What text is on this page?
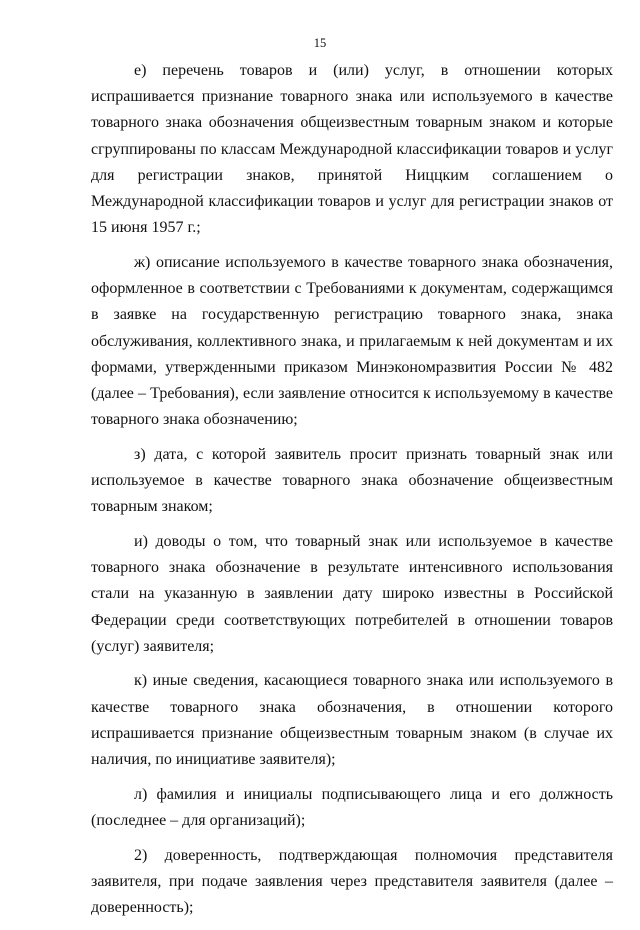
15

е) перечень товаров и (или) услуг, в отношении которых испрашивается признание товарного знака или используемого в качестве товарного знака обозначения общеизвестным товарным знаком и которые сгруппированы по классам Международной классификации товаров и услуг для регистрации знаков, принятой Ниццким соглашением о Международной классификации товаров и услуг для регистрации знаков от 15 июня 1957 г.;

ж) описание используемого в качестве товарного знака обозначения, оформленное в соответствии с Требованиями к документам, содержащимся в заявке на государственную регистрацию товарного знака, знака обслуживания, коллективного знака, и прилагаемым к ней документам и их формами, утвержденными приказом Минэкономразвития России № 482 (далее – Требования), если заявление относится к используемому в качестве товарного знака обозначению;

з) дата, с которой заявитель просит признать товарный знак или используемое в качестве товарного знака обозначение общеизвестным товарным знаком;

и) доводы о том, что товарный знак или используемое в качестве товарного знака обозначение в результате интенсивного использования стали на указанную в заявлении дату широко известны в Российской Федерации среди соответствующих потребителей в отношении товаров (услуг) заявителя;

к) иные сведения, касающиеся товарного знака или используемого в качестве товарного знака обозначения, в отношении которого испрашивается признание общеизвестным товарным знаком (в случае их наличия, по инициативе заявителя);

л) фамилия и инициалы подписывающего лица и его должность (последнее – для организаций);

2) доверенность, подтверждающая полномочия представителя заявителя, при подаче заявления через представителя заявителя (далее – доверенность);
